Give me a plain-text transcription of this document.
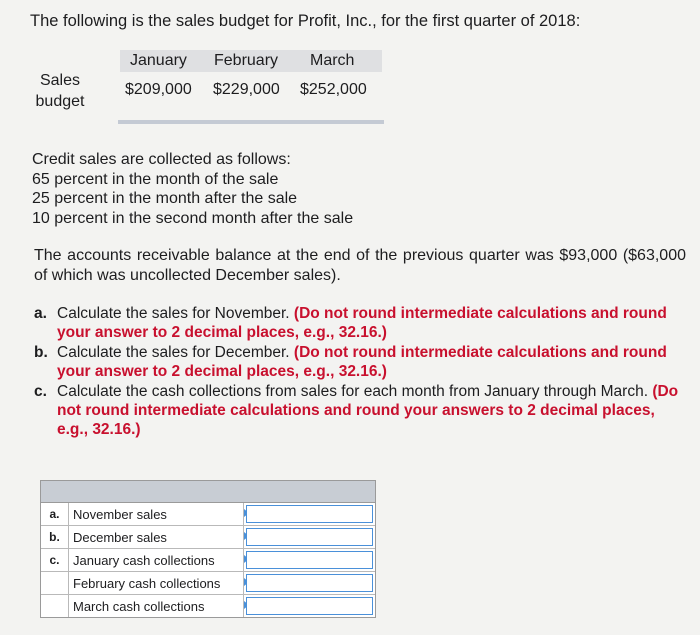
The following is the sales budget for Profit, Inc., for the first quarter of 2018:
January February March
Sales
budget
$209,000 $229,000 $252,000
Credit sales are collected as follows:
65 percent in the month of the sale
25 percent in the month after the sale
10 percent in the second month after the sale
The accounts receivable balance at the end of the previous quarter was $93,000 ($63,000 of which was uncollected December sales).
a. Calculate the sales for November. (Do not round intermediate calculations and round your answer to 2 decimal places, e.g., 32.16.)
b. Calculate the sales for December. (Do not round intermediate calculations and round your answer to 2 decimal places, e.g., 32.16.)
c. Calculate the cash collections from sales for each month from January through March. (Do not round intermediate calculations and round your answers to 2 decimal places, e.g., 32.16.)
a.	November sales
b.	December sales
c.	January cash collections
February cash collections
March cash collections
